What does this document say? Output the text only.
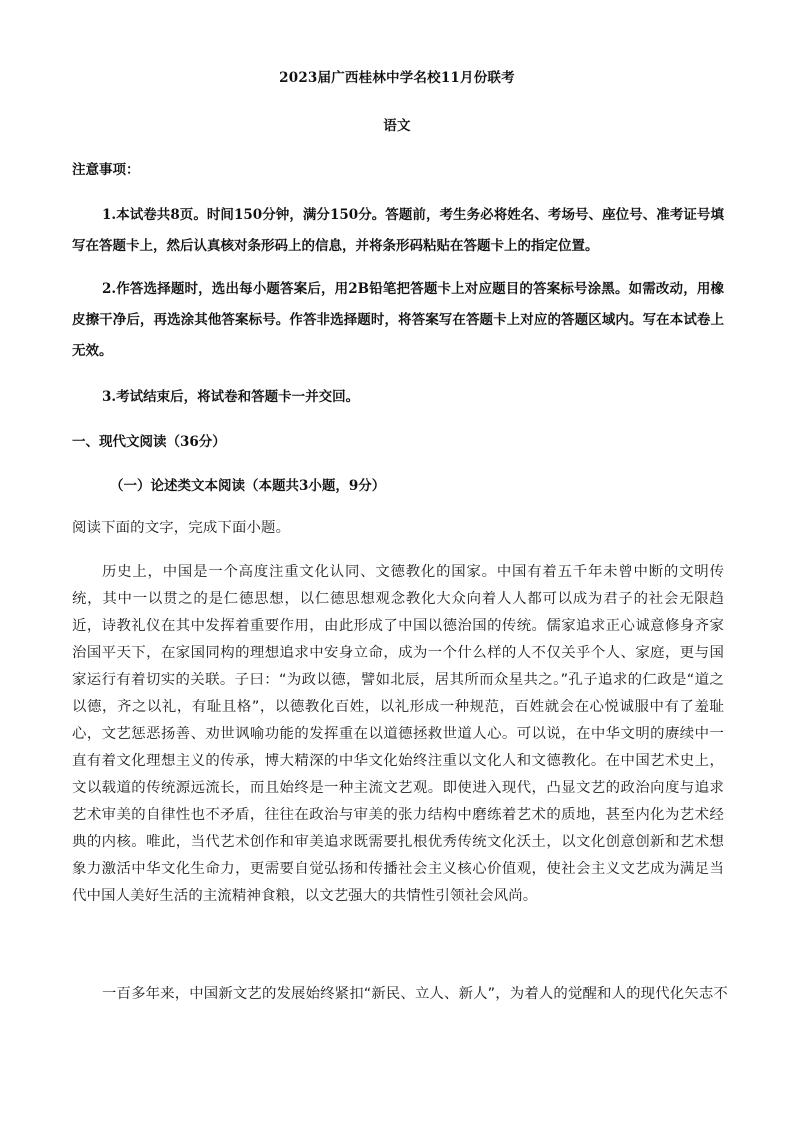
2023届广西桂林中学名校11月份联考
语文
注意事项：
1.本试卷共8页。时间150分钟，满分150分。答题前，考生务必将姓名、考场号、座位号、准考证号填写在答题卡上，然后认真核对条形码上的信息，并将条形码粘贴在答题卡上的指定位置。
2.作答选择题时，选出每小题答案后，用2B铅笔把答题卡上对应题目的答案标号涂黑。如需改动，用橡皮擦干净后，再选涂其他答案标号。作答非选择题时，将答案写在答题卡上对应的答题区域内。写在本试卷上无效。
3.考试结束后，将试卷和答题卡一并交回。
一、现代文阅读（36分）
（一）论述类文本阅读（本题共3小题，9分）
阅读下面的文字，完成下面小题。
历史上，中国是一个高度注重文化认同、文德教化的国家。中国有着五千年未曾中断的文明传统，其中一以贯之的是仁德思想，以仁德思想观念教化大众向着人人都可以成为君子的社会无限趋近，诗教礼仪在其中发挥着重要作用，由此形成了中国以德治国的传统。儒家追求正心诚意修身齐家治国平天下，在家国同构的理想追求中安身立命，成为一个什么样的人不仅关乎个人、家庭，更与国家运行有着切实的关联。子曰：“为政以德，譬如北辰，居其所而众星共之。”孔子追求的仁政是“道之以德，齐之以礼，有耻且格”，以德教化百姓，以礼形成一种规范，百姓就会在心悦诚服中有了羞耻心，文艺惩恶扬善、劝世讽喻功能的发挥重在以道德拯救世道人心。可以说，在中华文明的赓续中一直有着文化理想主义的传承，博大精深的中华文化始终注重以文化人和文德教化。在中国艺术史上，文以载道的传统源远流长，而且始终是一种主流文艺观。即使进入现代，凸显文艺的政治向度与追求艺术审美的自律性也不矛盾，往往在政治与审美的张力结构中磨练着艺术的质地，甚至内化为艺术经典的内核。唯此，当代艺术创作和审美追求既需要扎根优秀传统文化沃土，以文化创意创新和艺术想象力激活中华文化生命力，更需要自觉弘扬和传播社会主义核心价值观，使社会主义文艺成为满足当代中国人美好生活的主流精神食粮，以文艺强大的共情性引领社会风尚。
一百多年来，中国新文艺的发展始终紧扣“新民、立人、新人”，为着人的觉醒和人的现代化矢志不
